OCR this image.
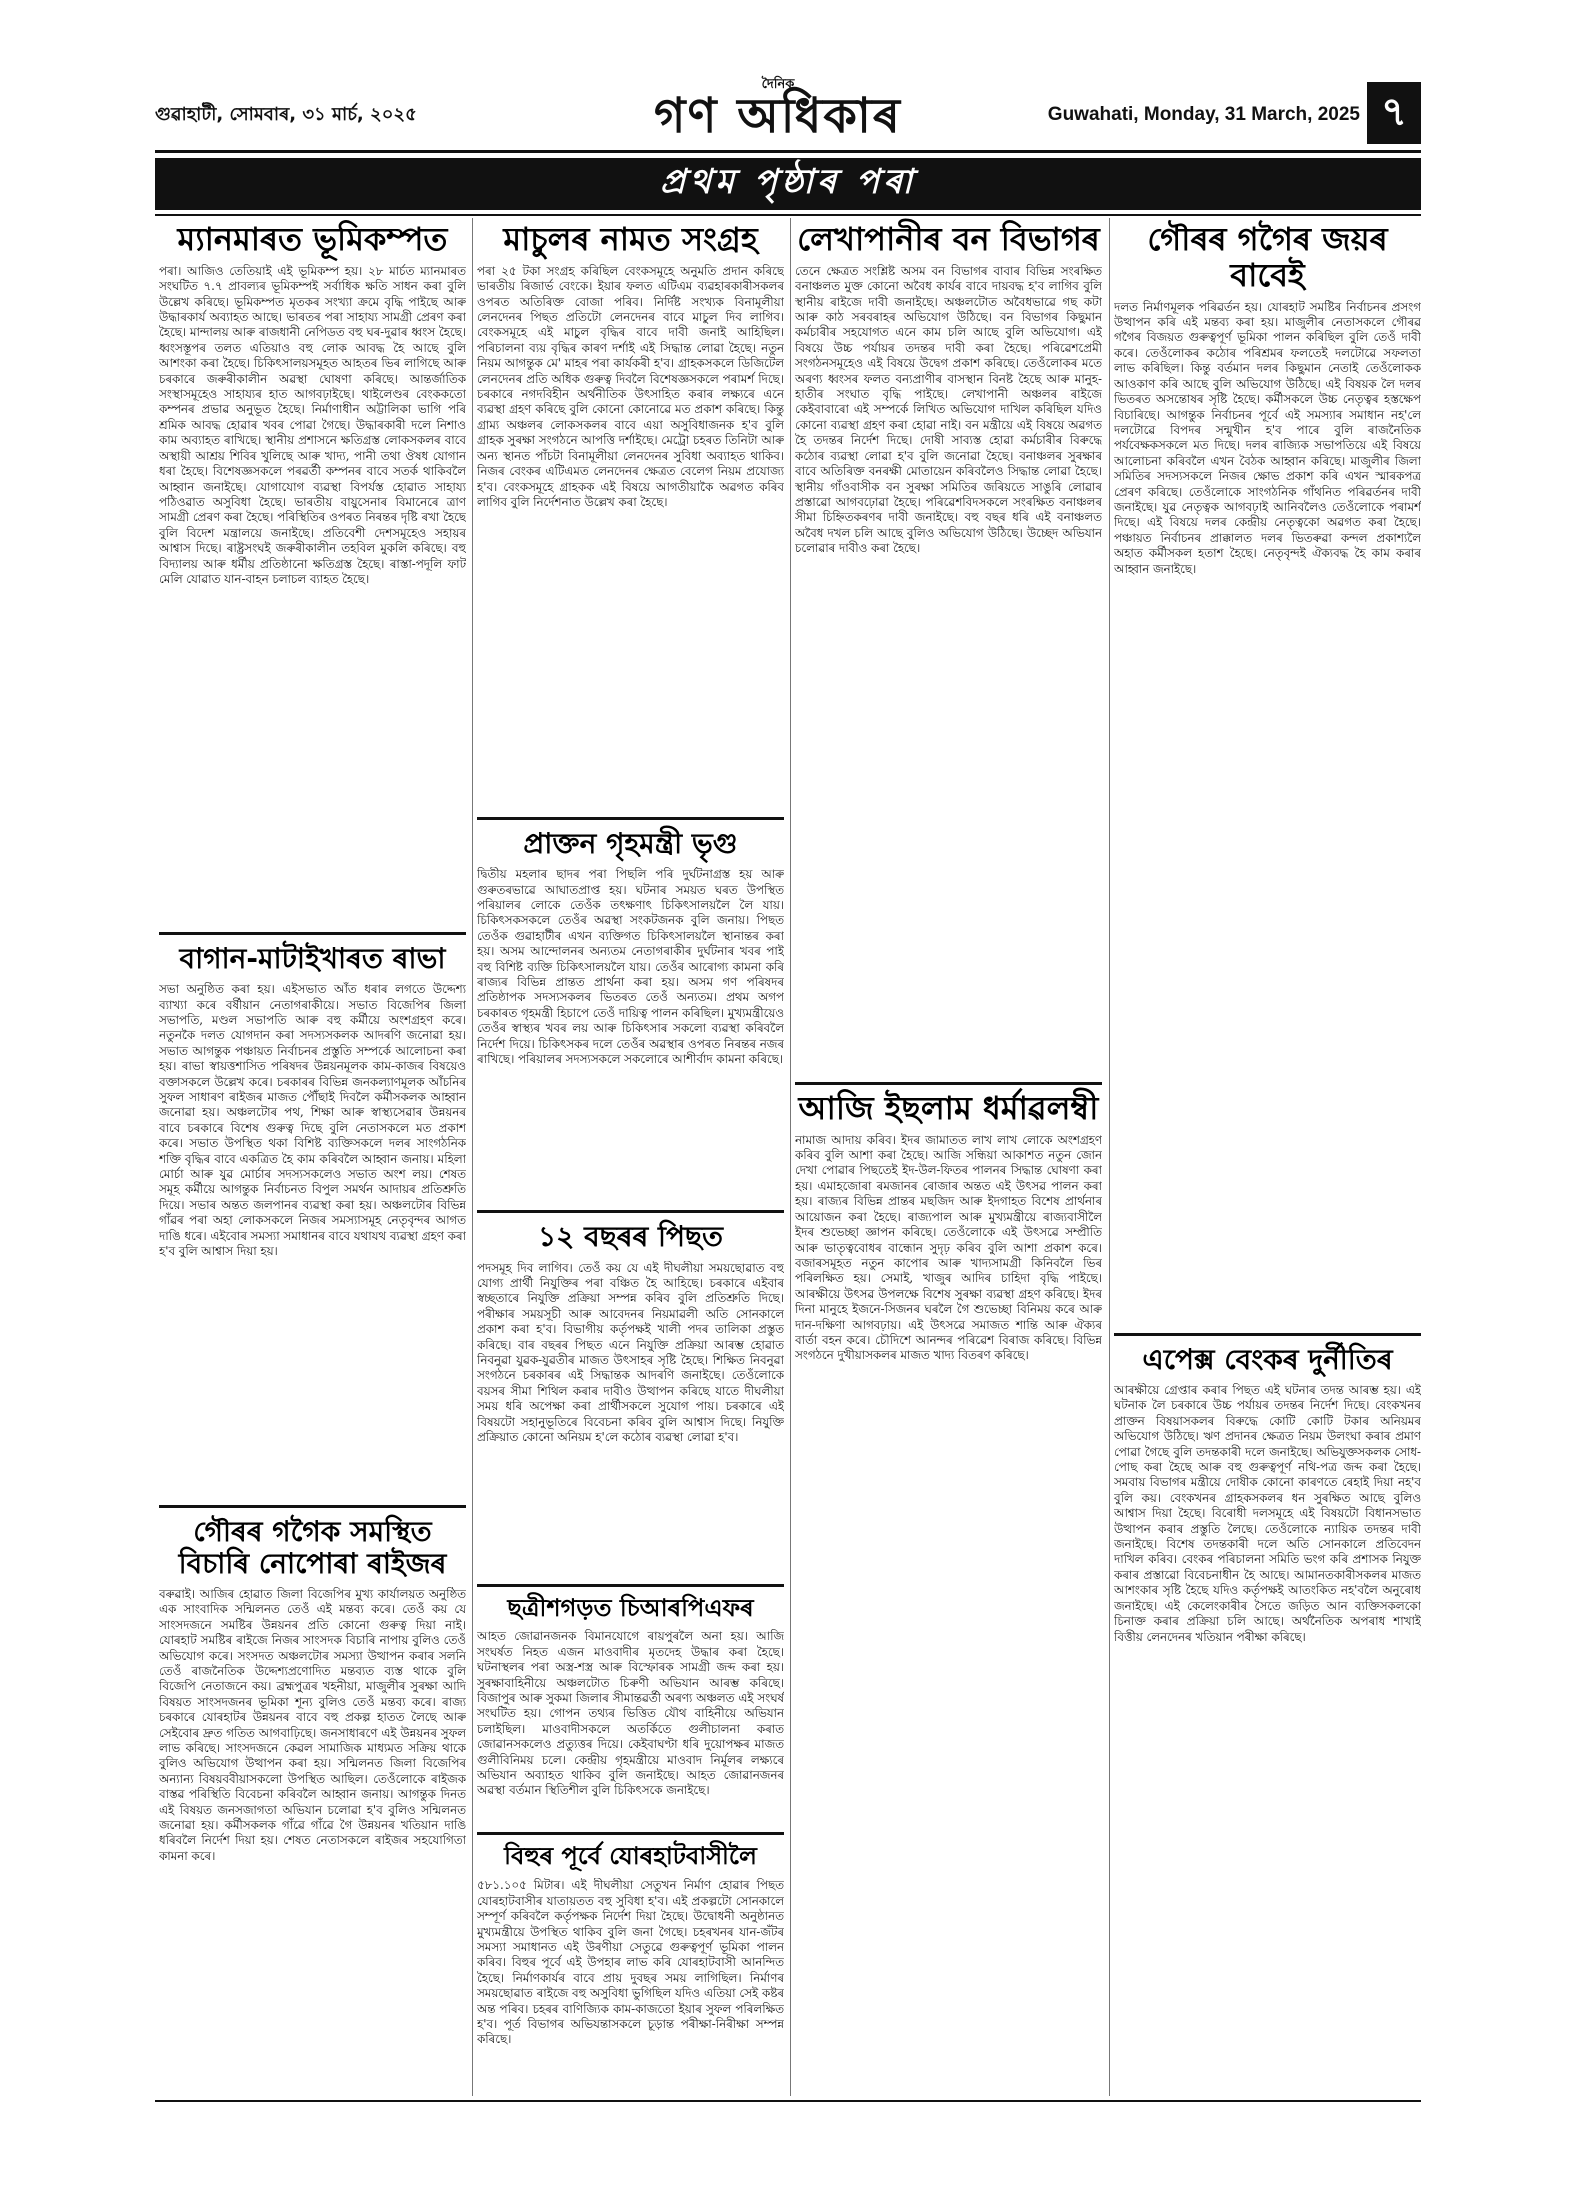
গুৱাহাটী, সোমবাৰ, ৩১ মাৰ্চ, ২০২৫
দৈনিক
গণ অধিকাৰ	Guwahati, Monday, 31 March, 2025 ৭
প্ৰথম পৃষ্ঠাৰ পৰা
ম্যানমাৰত ভূমিকম্পত
পৰা। আজিও তেতিয়াই এই ভূমিকম্প হয়। ২৮ মাৰ্চত ম্যানমাৰত সংঘটিত ৭.৭ প্ৰাবল্যৰ ভূমিকম্পই সৰ্বাধিক ক্ষতি সাধন কৰা বুলি উল্লেখ কৰিছে। ভূমিকম্পত মৃতকৰ সংখ্যা ক্ৰমে বৃদ্ধি পাইছে আৰু উদ্ধাৰকাৰ্য অব্যাহত আছে। ভাৰতৰ পৰা সাহায্য সামগ্ৰী প্ৰেৰণ কৰা হৈছে। মান্দালয় আৰু ৰাজধানী নেপিডত বহু ঘৰ-দুৱাৰ ধ্বংস হৈছে। ধ্বংসস্তূপৰ তলত এতিয়াও বহু লোক আবদ্ধ হৈ আছে বুলি আশংকা কৰা হৈছে। চিকিৎসালয়সমূহত আহতৰ ভিৰ লাগিছে আৰু চৰকাৰে জৰুৰীকালীন অৱস্থা ঘোষণা কৰিছে। আন্তৰ্জাতিক সংস্থাসমূহেও সাহায্যৰ হাত আগবঢ়াইছে। থাইলেণ্ডৰ বেংককতো কম্পনৰ প্ৰভাৱ অনুভূত হৈছে। নিৰ্মাণাধীন অট্টালিকা ভাগি পৰি শ্ৰমিক আবদ্ধ হোৱাৰ খবৰ পোৱা গৈছে। উদ্ধাৰকাৰী দলে নিশাও কাম অব্যাহত ৰাখিছে। স্থানীয় প্ৰশাসনে ক্ষতিগ্ৰস্ত লোকসকলৰ বাবে অস্থায়ী আশ্ৰয় শিবিৰ খুলিছে আৰু খাদ্য, পানী তথা ঔষধ যোগান ধৰা হৈছে। বিশেষজ্ঞসকলে পৰৱৰ্তী কম্পনৰ বাবে সতৰ্ক থাকিবলৈ আহ্বান জনাইছে। যোগাযোগ ব্যৱস্থা বিপৰ্যস্ত হোৱাত সাহায্য পঠিওৱাত অসুবিধা হৈছে। ভাৰতীয় বায়ুসেনাৰ বিমানেৰে ত্ৰাণ সামগ্ৰী প্ৰেৰণ কৰা হৈছে। পৰিস্থিতিৰ ওপৰত নিৰন্তৰ দৃষ্টি ৰখা হৈছে বুলি বিদেশ মন্ত্ৰালয়ে জনাইছে। প্ৰতিবেশী দেশসমূহেও সহায়ৰ আশ্বাস দিছে। ৰাষ্ট্ৰসংঘই জৰুৰীকালীন তহবিল মুকলি কৰিছে। বহু বিদ্যালয় আৰু ধৰ্মীয় প্ৰতিষ্ঠানো ক্ষতিগ্ৰস্ত হৈছে। ৰাস্তা-পদূলি ফাট মেলি যোৱাত যান-বাহন চলাচল ব্যাহত হৈছে।
বাগান-মাটাইখাৰত ৰাভা
সভা অনুষ্ঠিত কৰা হয়। এইসভাত আঁত ধৰাৰ লগতে উদ্দেশ্য ব্যাখ্যা কৰে বৰ্ষীয়ান নেতাগৰাকীয়ে। সভাত বিজেপিৰ জিলা সভাপতি, মণ্ডল সভাপতি আৰু বহু কৰ্মীয়ে অংশগ্ৰহণ কৰে। নতুনকৈ দলত যোগদান কৰা সদস্যসকলক আদৰণি জনোৱা হয়। সভাত আগন্তুক পঞ্চায়ত নিৰ্বাচনৰ প্ৰস্তুতি সম্পৰ্কে আলোচনা কৰা হয়। ৰাভা স্বায়ত্তশাসিত পৰিষদৰ উন্নয়নমূলক কাম-কাজৰ বিষয়েও বক্তাসকলে উল্লেখ কৰে। চৰকাৰৰ বিভিন্ন জনকল্যাণমূলক আঁচনিৰ সুফল সাধাৰণ ৰাইজৰ মাজত পৌঁছাই দিবলৈ কৰ্মীসকলক আহ্বান জনোৱা হয়। অঞ্চলটোৰ পথ, শিক্ষা আৰু স্বাস্থ্যসেৱাৰ উন্নয়নৰ বাবে চৰকাৰে বিশেষ গুৰুত্ব দিছে বুলি নেতাসকলে মত প্ৰকাশ কৰে। সভাত উপস্থিত থকা বিশিষ্ট ব্যক্তিসকলে দলৰ সাংগঠনিক শক্তি বৃদ্ধিৰ বাবে একত্ৰিত হৈ কাম কৰিবলৈ আহ্বান জনায়। মহিলা মোৰ্চা আৰু যুৱ মোৰ্চাৰ সদস্যসকলেও সভাত অংশ লয়। শেষত সমূহ কৰ্মীয়ে আগন্তুক নিৰ্বাচনত বিপুল সমৰ্থন আদায়ৰ প্ৰতিশ্ৰুতি দিয়ে। সভাৰ অন্তত জলপানৰ ব্যৱস্থা কৰা হয়। অঞ্চলটোৰ বিভিন্ন গাঁৱৰ পৰা অহা লোকসকলে নিজৰ সমস্যাসমূহ নেতৃবৃন্দৰ আগত দাঙি ধৰে। এইবোৰ সমস্যা সমাধানৰ বাবে যথাযথ ব্যৱস্থা গ্ৰহণ কৰা হ'ব বুলি আশ্বাস দিয়া হয়।
গৌৰৰ গগৈক সমস্থিত বিচাৰি নোপোৰা ৰাইজৰ
বৰুৱাই। আজিৰ হোৱাত জিলা বিজেপিৰ মুখ্য কাৰ্যালয়ত অনুষ্ঠিত এক সাংবাদিক সন্মিলনত তেওঁ এই মন্তব্য কৰে। তেওঁ কয় যে সাংসদজনে সমষ্টিৰ উন্নয়নৰ প্ৰতি কোনো গুৰুত্ব দিয়া নাই। যোৰহাট সমষ্টিৰ ৰাইজে নিজৰ সাংসদক বিচাৰি নাপায় বুলিও তেওঁ অভিযোগ কৰে। সংসদত অঞ্চলটোৰ সমস্যা উত্থাপন কৰাৰ সলনি তেওঁ ৰাজনৈতিক উদ্দেশ্যপ্ৰণোদিত মন্তব্যত ব্যস্ত থাকে বুলি বিজেপি নেতাজনে কয়। ব্ৰহ্মপুত্ৰৰ খহনীয়া, মাজুলীৰ সুৰক্ষা আদি বিষয়ত সাংসদজনৰ ভূমিকা শূন্য বুলিও তেওঁ মন্তব্য কৰে। ৰাজ্য চৰকাৰে যোৰহাটৰ উন্নয়নৰ বাবে বহু প্ৰকল্প হাতত লৈছে আৰু সেইবোৰ দ্ৰুত গতিত আগবাঢ়িছে। জনসাধাৰণে এই উন্নয়নৰ সুফল লাভ কৰিছে। সাংসদজনে কেৱল সামাজিক মাধ্যমত সক্ৰিয় থাকে বুলিও অভিযোগ উত্থাপন কৰা হয়। সন্মিলনত জিলা বিজেপিৰ অন্যান্য বিষয়ববীয়াসকলো উপস্থিত আছিল। তেওঁলোকে ৰাইজক বাস্তৱ পৰিস্থিতি বিবেচনা কৰিবলৈ আহ্বান জনায়। আগন্তুক দিনত এই বিষয়ত জনসজাগতা অভিযান চলোৱা হ'ব বুলিও সন্মিলনত জনোৱা হয়। কৰ্মীসকলক গাঁৱে গাঁৱে গৈ উন্নয়নৰ খতিয়ান দাঙি ধৰিবলৈ নিৰ্দেশ দিয়া হয়। শেষত নেতাসকলে ৰাইজৰ সহযোগিতা কামনা কৰে।
মাচুলৰ নামত সংগ্ৰহ
পৰা ২৫ টকা সংগ্ৰহ কৰিছিল বেংকসমূহে অনুমতি প্ৰদান কৰিছে ভাৰতীয় ৰিজাৰ্ভ বেংকে। ইয়াৰ ফলত এটিএম ব্যৱহাৰকাৰীসকলৰ ওপৰত অতিৰিক্ত বোজা পৰিব। নিৰ্দিষ্ট সংখ্যক বিনামূলীয়া লেনদেনৰ পিছত প্ৰতিটো লেনদেনৰ বাবে মাচুল দিব লাগিব। বেংকসমূহে এই মাচুল বৃদ্ধিৰ বাবে দাবী জনাই আহিছিল। পৰিচালনা ব্যয় বৃদ্ধিৰ কাৰণ দৰ্শাই এই সিদ্ধান্ত লোৱা হৈছে। নতুন নিয়ম আগন্তুক মে' মাহৰ পৰা কাৰ্যকৰী হ'ব। গ্ৰাহকসকলে ডিজিটেল লেনদেনৰ প্ৰতি অধিক গুৰুত্ব দিবলৈ বিশেষজ্ঞসকলে পৰামৰ্শ দিছে। চৰকাৰে নগদবিহীন অৰ্থনীতিক উৎসাহিত কৰাৰ লক্ষ্যৰে এনে ব্যৱস্থা গ্ৰহণ কৰিছে বুলি কোনো কোনোৱে মত প্ৰকাশ কৰিছে। কিন্তু গ্ৰাম্য অঞ্চলৰ লোকসকলৰ বাবে এয়া অসুবিধাজনক হ'ব বুলি গ্ৰাহক সুৰক্ষা সংগঠনে আপত্তি দৰ্শাইছে। মেট্ৰো চহৰত তিনিটা আৰু অন্য স্থানত পাঁচটা বিনামূলীয়া লেনদেনৰ সুবিধা অব্যাহত থাকিব। নিজৰ বেংকৰ এটিএমত লেনদেনৰ ক্ষেত্ৰত বেলেগ নিয়ম প্ৰযোজ্য হ'ব। বেংকসমূহে গ্ৰাহকক এই বিষয়ে আগতীয়াকৈ অৱগত কৰিব লাগিব বুলি নিৰ্দেশনাত উল্লেখ কৰা হৈছে।
প্ৰাক্তন গৃহমন্ত্ৰী ভৃগু
দ্বিতীয় মহলাৰ ছাদৰ পৰা পিছলি পৰি দুৰ্ঘটনাগ্ৰস্ত হয় আৰু গুৰুতৰভাৱে আঘাতপ্ৰাপ্ত হয়। ঘটনাৰ সময়ত ঘৰত উপস্থিত পৰিয়ালৰ লোকে তেওঁক তৎক্ষণাৎ চিকিৎসালয়লৈ লৈ যায়। চিকিৎসকসকলে তেওঁৰ অৱস্থা সংকটজনক বুলি জনায়। পিছত তেওঁক গুৱাহাটীৰ এখন ব্যক্তিগত চিকিৎসালয়লৈ স্থানান্তৰ কৰা হয়। অসম আন্দোলনৰ অন্যতম নেতাগৰাকীৰ দুৰ্ঘটনাৰ খবৰ পাই বহু বিশিষ্ট ব্যক্তি চিকিৎসালয়লৈ যায়। তেওঁৰ আৰোগ্য কামনা কৰি ৰাজ্যৰ বিভিন্ন প্ৰান্তত প্ৰাৰ্থনা কৰা হয়। অসম গণ পৰিষদৰ প্ৰতিষ্ঠাপক সদস্যসকলৰ ভিতৰত তেওঁ অন্যতম। প্ৰথম অগপ চৰকাৰত গৃহমন্ত্ৰী হিচাপে তেওঁ দায়িত্ব পালন কৰিছিল। মুখ্যমন্ত্ৰীয়েও তেওঁৰ স্বাস্থ্যৰ খবৰ লয় আৰু চিকিৎসাৰ সকলো ব্যৱস্থা কৰিবলৈ নিৰ্দেশ দিয়ে। চিকিৎসকৰ দলে তেওঁৰ অৱস্থাৰ ওপৰত নিৰন্তৰ নজৰ ৰাখিছে। পৰিয়ালৰ সদস্যসকলে সকলোৰে আশীৰ্বাদ কামনা কৰিছে।
১২ বছৰৰ পিছত
পদসমূহ দিব লাগিব। তেওঁ কয় যে এই দীঘলীয়া সময়ছোৱাত বহু যোগ্য প্ৰাৰ্থী নিযুক্তিৰ পৰা বঞ্চিত হৈ আহিছে। চৰকাৰে এইবাৰ স্বচ্ছতাৰে নিযুক্তি প্ৰক্ৰিয়া সম্পন্ন কৰিব বুলি প্ৰতিশ্ৰুতি দিছে। পৰীক্ষাৰ সময়সূচী আৰু আবেদনৰ নিয়মাৱলী অতি সোনকালে প্ৰকাশ কৰা হ'ব। বিভাগীয় কৰ্তৃপক্ষই খালী পদৰ তালিকা প্ৰস্তুত কৰিছে। বাৰ বছৰৰ পিছত এনে নিযুক্তি প্ৰক্ৰিয়া আৰম্ভ হোৱাত নিবনুৱা যুৱক-যুৱতীৰ মাজত উৎসাহৰ সৃষ্টি হৈছে। শিক্ষিত নিবনুৱা সংগঠনে চৰকাৰৰ এই সিদ্ধান্তক আদৰণি জনাইছে। তেওঁলোকে বয়সৰ সীমা শিথিল কৰাৰ দাবীও উত্থাপন কৰিছে যাতে দীঘলীয়া সময় ধৰি অপেক্ষা কৰা প্ৰাৰ্থীসকলে সুযোগ পায়। চৰকাৰে এই বিষয়টো সহানুভূতিৰে বিবেচনা কৰিব বুলি আশ্বাস দিছে। নিযুক্তি প্ৰক্ৰিয়াত কোনো অনিয়ম হ'লে কঠোৰ ব্যৱস্থা লোৱা হ'ব।
ছত্ৰীশগড়ত চিআৰপিএফৰ
আহত জোৱানজনক বিমানযোগে ৰায়পুৰলৈ অনা হয়। আজি সংঘৰ্ষত নিহত এজন মাওবাদীৰ মৃতদেহ উদ্ধাৰ কৰা হৈছে। ঘটনাস্থলৰ পৰা অস্ত্ৰ-শস্ত্ৰ আৰু বিস্ফোৰক সামগ্ৰী জব্দ কৰা হয়। সুৰক্ষাবাহিনীয়ে অঞ্চলটোত চিৰুণী অভিযান আৰম্ভ কৰিছে। বিজাপুৰ আৰু সুকমা জিলাৰ সীমান্তৱৰ্তী অৰণ্য অঞ্চলত এই সংঘৰ্ষ সংঘটিত হয়। গোপন তথ্যৰ ভিত্তিত যৌথ বাহিনীয়ে অভিযান চলাইছিল। মাওবাদীসকলে অতৰ্কিতে গুলীচালনা কৰাত জোৱানসকলেও প্ৰত্যুত্তৰ দিয়ে। কেইবাঘণ্টা ধৰি দুয়োপক্ষৰ মাজত গুলীবিনিময় চলে। কেন্দ্ৰীয় গৃহমন্ত্ৰীয়ে মাওবাদ নিৰ্মূলৰ লক্ষ্যৰে অভিযান অব্যাহত থাকিব বুলি জনাইছে। আহত জোৱানজনৰ অৱস্থা বৰ্তমান স্থিতিশীল বুলি চিকিৎসকে জনাইছে।
বিহুৰ পূৰ্বে যোৰহাটবাসীলৈ
৫৮১.১০৫ মিটাৰ। এই দীঘলীয়া সেতুখন নিৰ্মাণ হোৱাৰ পিছত যোৰহাটবাসীৰ যাতায়তত বহু সুবিধা হ'ব। এই প্ৰকল্পটো সোনকালে সম্পূৰ্ণ কৰিবলৈ কৰ্তৃপক্ষক নিৰ্দেশ দিয়া হৈছে। উদ্বোধনী অনুষ্ঠানত মুখ্যমন্ত্ৰীয়ে উপস্থিত থাকিব বুলি জনা গৈছে। চহৰখনৰ যান-জঁটৰ সমস্যা সমাধানত এই উৰণীয়া সেতুৱে গুৰুত্বপূৰ্ণ ভূমিকা পালন কৰিব। বিহুৰ পূৰ্বে এই উপহাৰ লাভ কৰি যোৰহাটবাসী আনন্দিত হৈছে। নিৰ্মাণকাৰ্যৰ বাবে প্ৰায় দুবছৰ সময় লাগিছিল। নিৰ্মাণৰ সময়ছোৱাত ৰাইজে বহু অসুবিধা ভুগিছিল যদিও এতিয়া সেই কষ্টৰ অন্ত পৰিব। চহৰৰ বাণিজ্যিক কাম-কাজতো ইয়াৰ সুফল পৰিলক্ষিত হ'ব। পূৰ্ত বিভাগৰ অভিযন্তাসকলে চূড়ান্ত পৰীক্ষা-নিৰীক্ষা সম্পন্ন কৰিছে।
লেখাপানীৰ বন বিভাগৰ
তেনে ক্ষেত্ৰত সংশ্লিষ্ট অসম বন বিভাগৰ বাবাৰ বিভিন্ন সংৰক্ষিত বনাঞ্চলত মুক্ত কোনো অবৈধ কাৰ্যৰ বাবে দায়বদ্ধ হ'ব লাগিব বুলি স্থানীয় ৰাইজে দাবী জনাইছে। অঞ্চলটোত অবৈধভাৱে গছ কটা আৰু কাঠ সৰবৰাহৰ অভিযোগ উঠিছে। বন বিভাগৰ কিছুমান কৰ্মচাৰীৰ সহযোগত এনে কাম চলি আছে বুলি অভিযোগ। এই বিষয়ে উচ্চ পৰ্যায়ৰ তদন্তৰ দাবী কৰা হৈছে। পৰিৱেশপ্ৰেমী সংগঠনসমূহেও এই বিষয়ে উদ্বেগ প্ৰকাশ কৰিছে। তেওঁলোকৰ মতে অৰণ্য ধ্বংসৰ ফলত বন্যপ্ৰাণীৰ বাসস্থান বিনষ্ট হৈছে আৰু মানুহ-হাতীৰ সংঘাত বৃদ্ধি পাইছে। লেখাপানী অঞ্চলৰ ৰাইজে কেইবাবাৰো এই সম্পৰ্কে লিখিত অভিযোগ দাখিল কৰিছিল যদিও কোনো ব্যৱস্থা গ্ৰহণ কৰা হোৱা নাই। বন মন্ত্ৰীয়ে এই বিষয়ে অৱগত হৈ তদন্তৰ নিৰ্দেশ দিছে। দোষী সাব্যস্ত হোৱা কৰ্মচাৰীৰ বিৰুদ্ধে কঠোৰ ব্যৱস্থা লোৱা হ'ব বুলি জনোৱা হৈছে। বনাঞ্চলৰ সুৰক্ষাৰ বাবে অতিৰিক্ত বনৰক্ষী মোতায়েন কৰিবলৈও সিদ্ধান্ত লোৱা হৈছে। স্থানীয় গাঁওবাসীক বন সুৰক্ষা সমিতিৰ জৰিয়তে সাঙুৰি লোৱাৰ প্ৰস্তাৱো আগবঢ়োৱা হৈছে। পৰিৱেশবিদসকলে সংৰক্ষিত বনাঞ্চলৰ সীমা চিহ্নিতকৰণৰ দাবী জনাইছে। বহু বছৰ ধৰি এই বনাঞ্চলত অবৈধ দখল চলি আছে বুলিও অভিযোগ উঠিছে। উচ্ছেদ অভিযান চলোৱাৰ দাবীও কৰা হৈছে।
আজি ইছলাম ধৰ্মাৱলম্বী
নামাজ আদায় কৰিব। ইদৰ জামাতত লাখ লাখ লোকে অংশগ্ৰহণ কৰিব বুলি আশা কৰা হৈছে। আজি সন্ধিয়া আকাশত নতুন জোন দেখা পোৱাৰ পিছতেই ইদ-উল-ফিতৰ পালনৰ সিদ্ধান্ত ঘোষণা কৰা হয়। এমাহজোৰা ৰমজানৰ ৰোজাৰ অন্তত এই উৎসৱ পালন কৰা হয়। ৰাজ্যৰ বিভিন্ন প্ৰান্তৰ মছজিদ আৰু ইদগাহত বিশেষ প্ৰাৰ্থনাৰ আয়োজন কৰা হৈছে। ৰাজ্যপাল আৰু মুখ্যমন্ত্ৰীয়ে ৰাজ্যবাসীলৈ ইদৰ শুভেচ্ছা জ্ঞাপন কৰিছে। তেওঁলোকে এই উৎসৱে সম্প্ৰীতি আৰু ভাতৃত্ববোধৰ বান্ধোন সুদৃঢ় কৰিব বুলি আশা প্ৰকাশ কৰে। বজাৰসমূহত নতুন কাপোৰ আৰু খাদ্যসামগ্ৰী কিনিবলৈ ভিৰ পৰিলক্ষিত হয়। সেমাই, খাজুৰ আদিৰ চাহিদা বৃদ্ধি পাইছে। আৰক্ষীয়ে উৎসৱ উপলক্ষে বিশেষ সুৰক্ষা ব্যৱস্থা গ্ৰহণ কৰিছে। ইদৰ দিনা মানুহে ইজনে-সিজনৰ ঘৰলৈ গৈ শুভেচ্ছা বিনিময় কৰে আৰু দান-দক্ষিণা আগবঢ়ায়। এই উৎসৱে সমাজত শান্তি আৰু ঐক্যৰ বাৰ্তা বহন কৰে। চৌদিশে আনন্দৰ পৰিৱেশ বিৰাজ কৰিছে। বিভিন্ন সংগঠনে দুখীয়াসকলৰ মাজত খাদ্য বিতৰণ কৰিছে।
গৌৰৰ গগৈৰ জয়ৰ বাবেই
দলত নিৰ্মাণমূলক পৰিৱৰ্তন হয়। যোৰহাট সমষ্টিৰ নিৰ্বাচনৰ প্ৰসংগ উত্থাপন কৰি এই মন্তব্য কৰা হয়। মাজুলীৰ নেতাসকলে গৌৰৱ গগৈৰ বিজয়ত গুৰুত্বপূৰ্ণ ভূমিকা পালন কৰিছিল বুলি তেওঁ দাবী কৰে। তেওঁলোকৰ কঠোৰ পৰিশ্ৰমৰ ফলতেই দলটোৱে সফলতা লাভ কৰিছিল। কিন্তু বৰ্তমান দলৰ কিছুমান নেতাই তেওঁলোকক আওকাণ কৰি আছে বুলি অভিযোগ উঠিছে। এই বিষয়ক লৈ দলৰ ভিতৰত অসন্তোষৰ সৃষ্টি হৈছে। কৰ্মীসকলে উচ্চ নেতৃত্বৰ হস্তক্ষেপ বিচাৰিছে। আগন্তুক নিৰ্বাচনৰ পূৰ্বে এই সমস্যাৰ সমাধান নহ'লে দলটোৱে বিপদৰ সন্মুখীন হ'ব পাৰে বুলি ৰাজনৈতিক পৰ্যবেক্ষকসকলে মত দিছে। দলৰ ৰাজ্যিক সভাপতিয়ে এই বিষয়ে আলোচনা কৰিবলৈ এখন বৈঠক আহ্বান কৰিছে। মাজুলীৰ জিলা সমিতিৰ সদস্যসকলে নিজৰ ক্ষোভ প্ৰকাশ কৰি এখন স্মাৰকপত্ৰ প্ৰেৰণ কৰিছে। তেওঁলোকে সাংগঠনিক গাঁথনিত পৰিৱৰ্তনৰ দাবী জনাইছে। যুৱ নেতৃত্বক আগবঢ়াই আনিবলৈও তেওঁলোকে পৰামৰ্শ দিছে। এই বিষয়ে দলৰ কেন্দ্ৰীয় নেতৃত্বকো অৱগত কৰা হৈছে। পঞ্চায়ত নিৰ্বাচনৰ প্ৰাক্কালত দলৰ ভিতৰুৱা কন্দল প্ৰকাশ্যলৈ অহাত কৰ্মীসকল হতাশ হৈছে। নেতৃবৃন্দই ঐক্যবদ্ধ হৈ কাম কৰাৰ আহ্বান জনাইছে।
এপেক্স বেংকৰ দুৰ্নীতিৰ
আৰক্ষীয়ে গ্ৰেপ্তাৰ কৰাৰ পিছত এই ঘটনাৰ তদন্ত আৰম্ভ হয়। এই ঘটনাক লৈ চৰকাৰে উচ্চ পৰ্যায়ৰ তদন্তৰ নিৰ্দেশ দিছে। বেংকখনৰ প্ৰাক্তন বিষয়াসকলৰ বিৰুদ্ধে কোটি কোটি টকাৰ অনিয়মৰ অভিযোগ উঠিছে। ঋণ প্ৰদানৰ ক্ষেত্ৰত নিয়ম উলংঘা কৰাৰ প্ৰমাণ পোৱা গৈছে বুলি তদন্তকাৰী দলে জনাইছে। অভিযুক্তসকলক সোধ-পোছ কৰা হৈছে আৰু বহু গুৰুত্বপূৰ্ণ নথি-পত্ৰ জব্দ কৰা হৈছে। সমবায় বিভাগৰ মন্ত্ৰীয়ে দোষীক কোনো কাৰণতে ৰেহাই দিয়া নহ'ব বুলি কয়। বেংকখনৰ গ্ৰাহকসকলৰ ধন সুৰক্ষিত আছে বুলিও আশ্বাস দিয়া হৈছে। বিৰোধী দলসমূহে এই বিষয়টো বিধানসভাত উত্থাপন কৰাৰ প্ৰস্তুতি লৈছে। তেওঁলোকে ন্যায়িক তদন্তৰ দাবী জনাইছে। বিশেষ তদন্তকাৰী দলে অতি সোনকালে প্ৰতিবেদন দাখিল কৰিব। বেংকৰ পৰিচালনা সমিতি ভংগ কৰি প্ৰশাসক নিযুক্ত কৰাৰ প্ৰস্তাৱো বিবেচনাধীন হৈ আছে। আমানতকাৰীসকলৰ মাজত আশংকাৰ সৃষ্টি হৈছে যদিও কৰ্তৃপক্ষই আতংকিত নহ'বলৈ অনুৰোধ জনাইছে। এই কেলেংকাৰীৰ সৈতে জড়িত আন ব্যক্তিসকলকো চিনাক্ত কৰাৰ প্ৰক্ৰিয়া চলি আছে। অৰ্থনৈতিক অপৰাধ শাখাই বিত্তীয় লেনদেনৰ খতিয়ান পৰীক্ষা কৰিছে।
